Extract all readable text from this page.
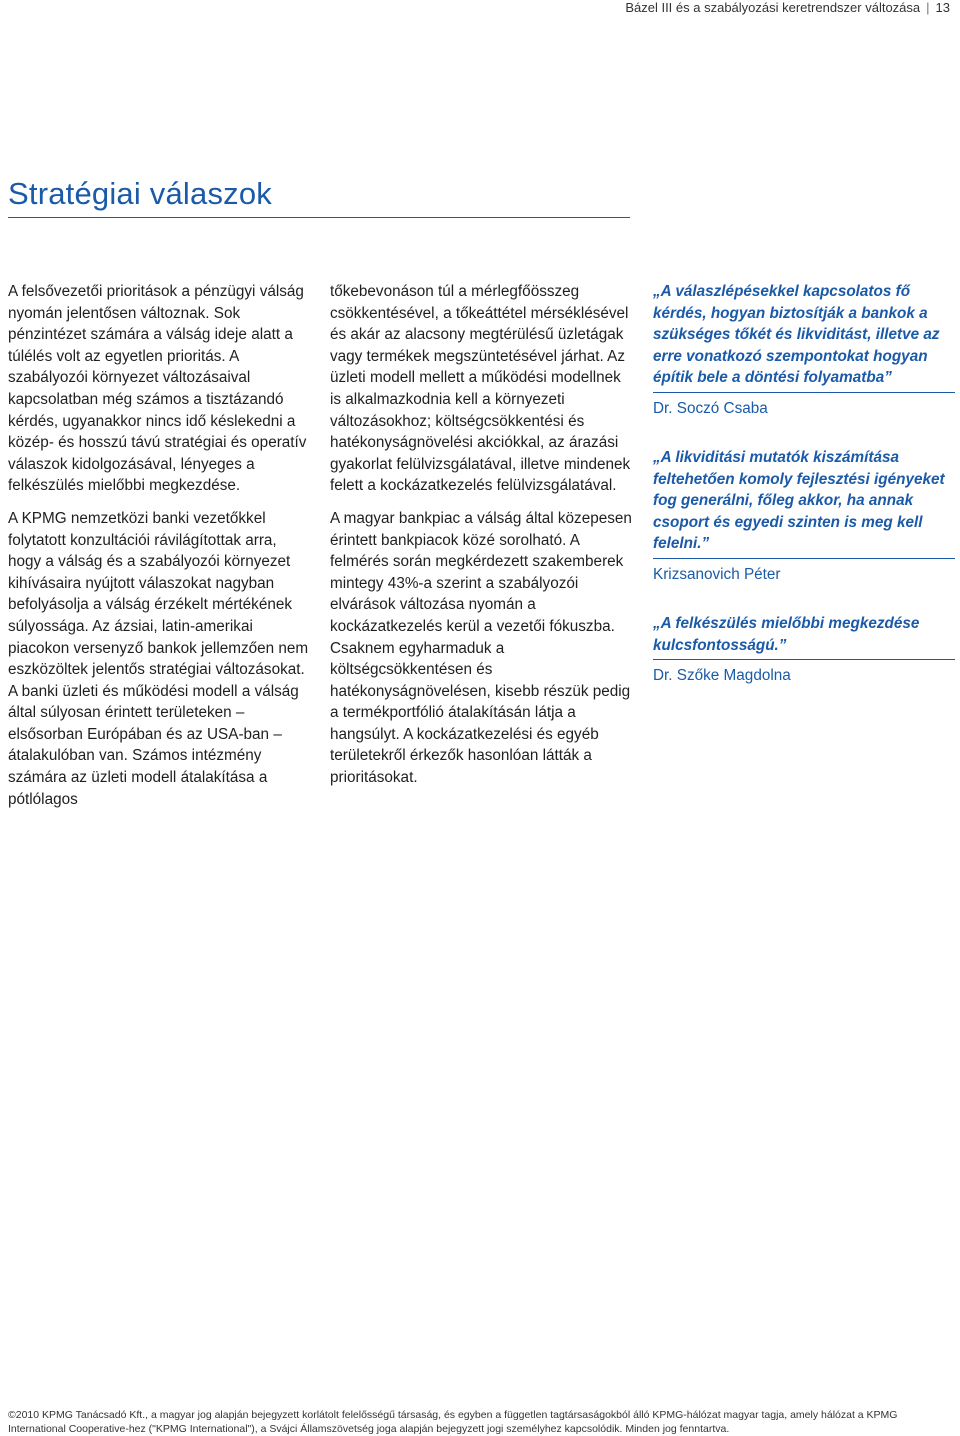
Bázel III és a szabályozási keretrendszer változása | 13
Stratégiai válaszok

A felsővezetői prioritások a pénzügyi válság nyomán jelentősen változnak. Sok pénzintézet számára a válság ideje alatt a túlélés volt az egyetlen prioritás. A szabályozói környezet változásaival kapcsolatban még számos a tisztázandó kérdés, ugyanakkor nincs idő késlekedni a közép- és hosszú távú stratégiai és operatív válaszok kidolgozásával, lényeges a felkészülés mielőbbi megkezdése.

A KPMG nemzetközi banki vezetőkkel folytatott konzultációi rávilágítottak arra, hogy a válság és a szabályozói környezet kihívásaira nyújtott válaszokat nagyban befolyásolja a válság érzékelt mértékének súlyossága. Az ázsiai, latin-amerikai piacokon versenyző bankok jellemzően nem eszközöltek jelentős stratégiai változásokat. A banki üzleti és működési modell a válság által súlyosan érintett területeken – elsősorban Európában és az USA-ban – átalakulóban van. Számos intézmény számára az üzleti modell átalakítása a pótlólagos

tőkebevonáson túl a mérlegfőösszeg csökkentésével, a tőkeáttétel mérséklésével és akár az alacsony megtérülésű üzletágak vagy termékek megszüntetésével járhat. Az üzleti modell mellett a működési modellnek is alkalmazkodnia kell a környezeti változásokhoz; költségcsökkentési és hatékonyságnövelési akciókkal, az árazási gyakorlat felülvizsgálatával, illetve mindenek felett a kockázatkezelés felülvizsgálatával.

A magyar bankpiac a válság által közepesen érintett bankpiacok közé sorolható. A felmérés során megkérdezett szakemberek mintegy 43%-a szerint a szabályozói elvárások változása nyomán a kockázatkezelés kerül a vezetői fókuszba. Csaknem egyharmaduk a költségcsökkentésen és hatékonyságnövelésen, kisebb részük pedig a termékportfólió átalakításán látja a hangsúlyt. A kockázatkezelési és egyéb területekről érkezők hasonlóan látták a prioritásokat.

„A válaszlépésekkel kapcsolatos fő kérdés, hogyan biztosítják a bankok a szükséges tőkét és likviditást, illetve az erre vonatkozó szempontokat hogyan építik bele a döntési folyamatba”

Dr. Soczó Csaba

„A likviditási mutatók kiszámítása feltehetően komoly fejlesztési igényeket fog generálni, főleg akkor, ha annak csoport és egyedi szinten is meg kell felelni.”

Krizsanovich Péter

„A felkészülés mielőbbi megkezdése kulcsfontosságú.”

Dr. Szőke Magdolna

©2010 KPMG Tanácsadó Kft., a magyar jog alapján bejegyzett korlátolt felelősségű társaság, és egyben a független tagtársaságokból álló KPMG-hálózat magyar tagja, amely hálózat a KPMG

International Cooperative-hez ("KPMG International"), a Svájci Államszövetség joga alapján bejegyzett jogi személyhez kapcsolódik. Minden jog fenntartva.
